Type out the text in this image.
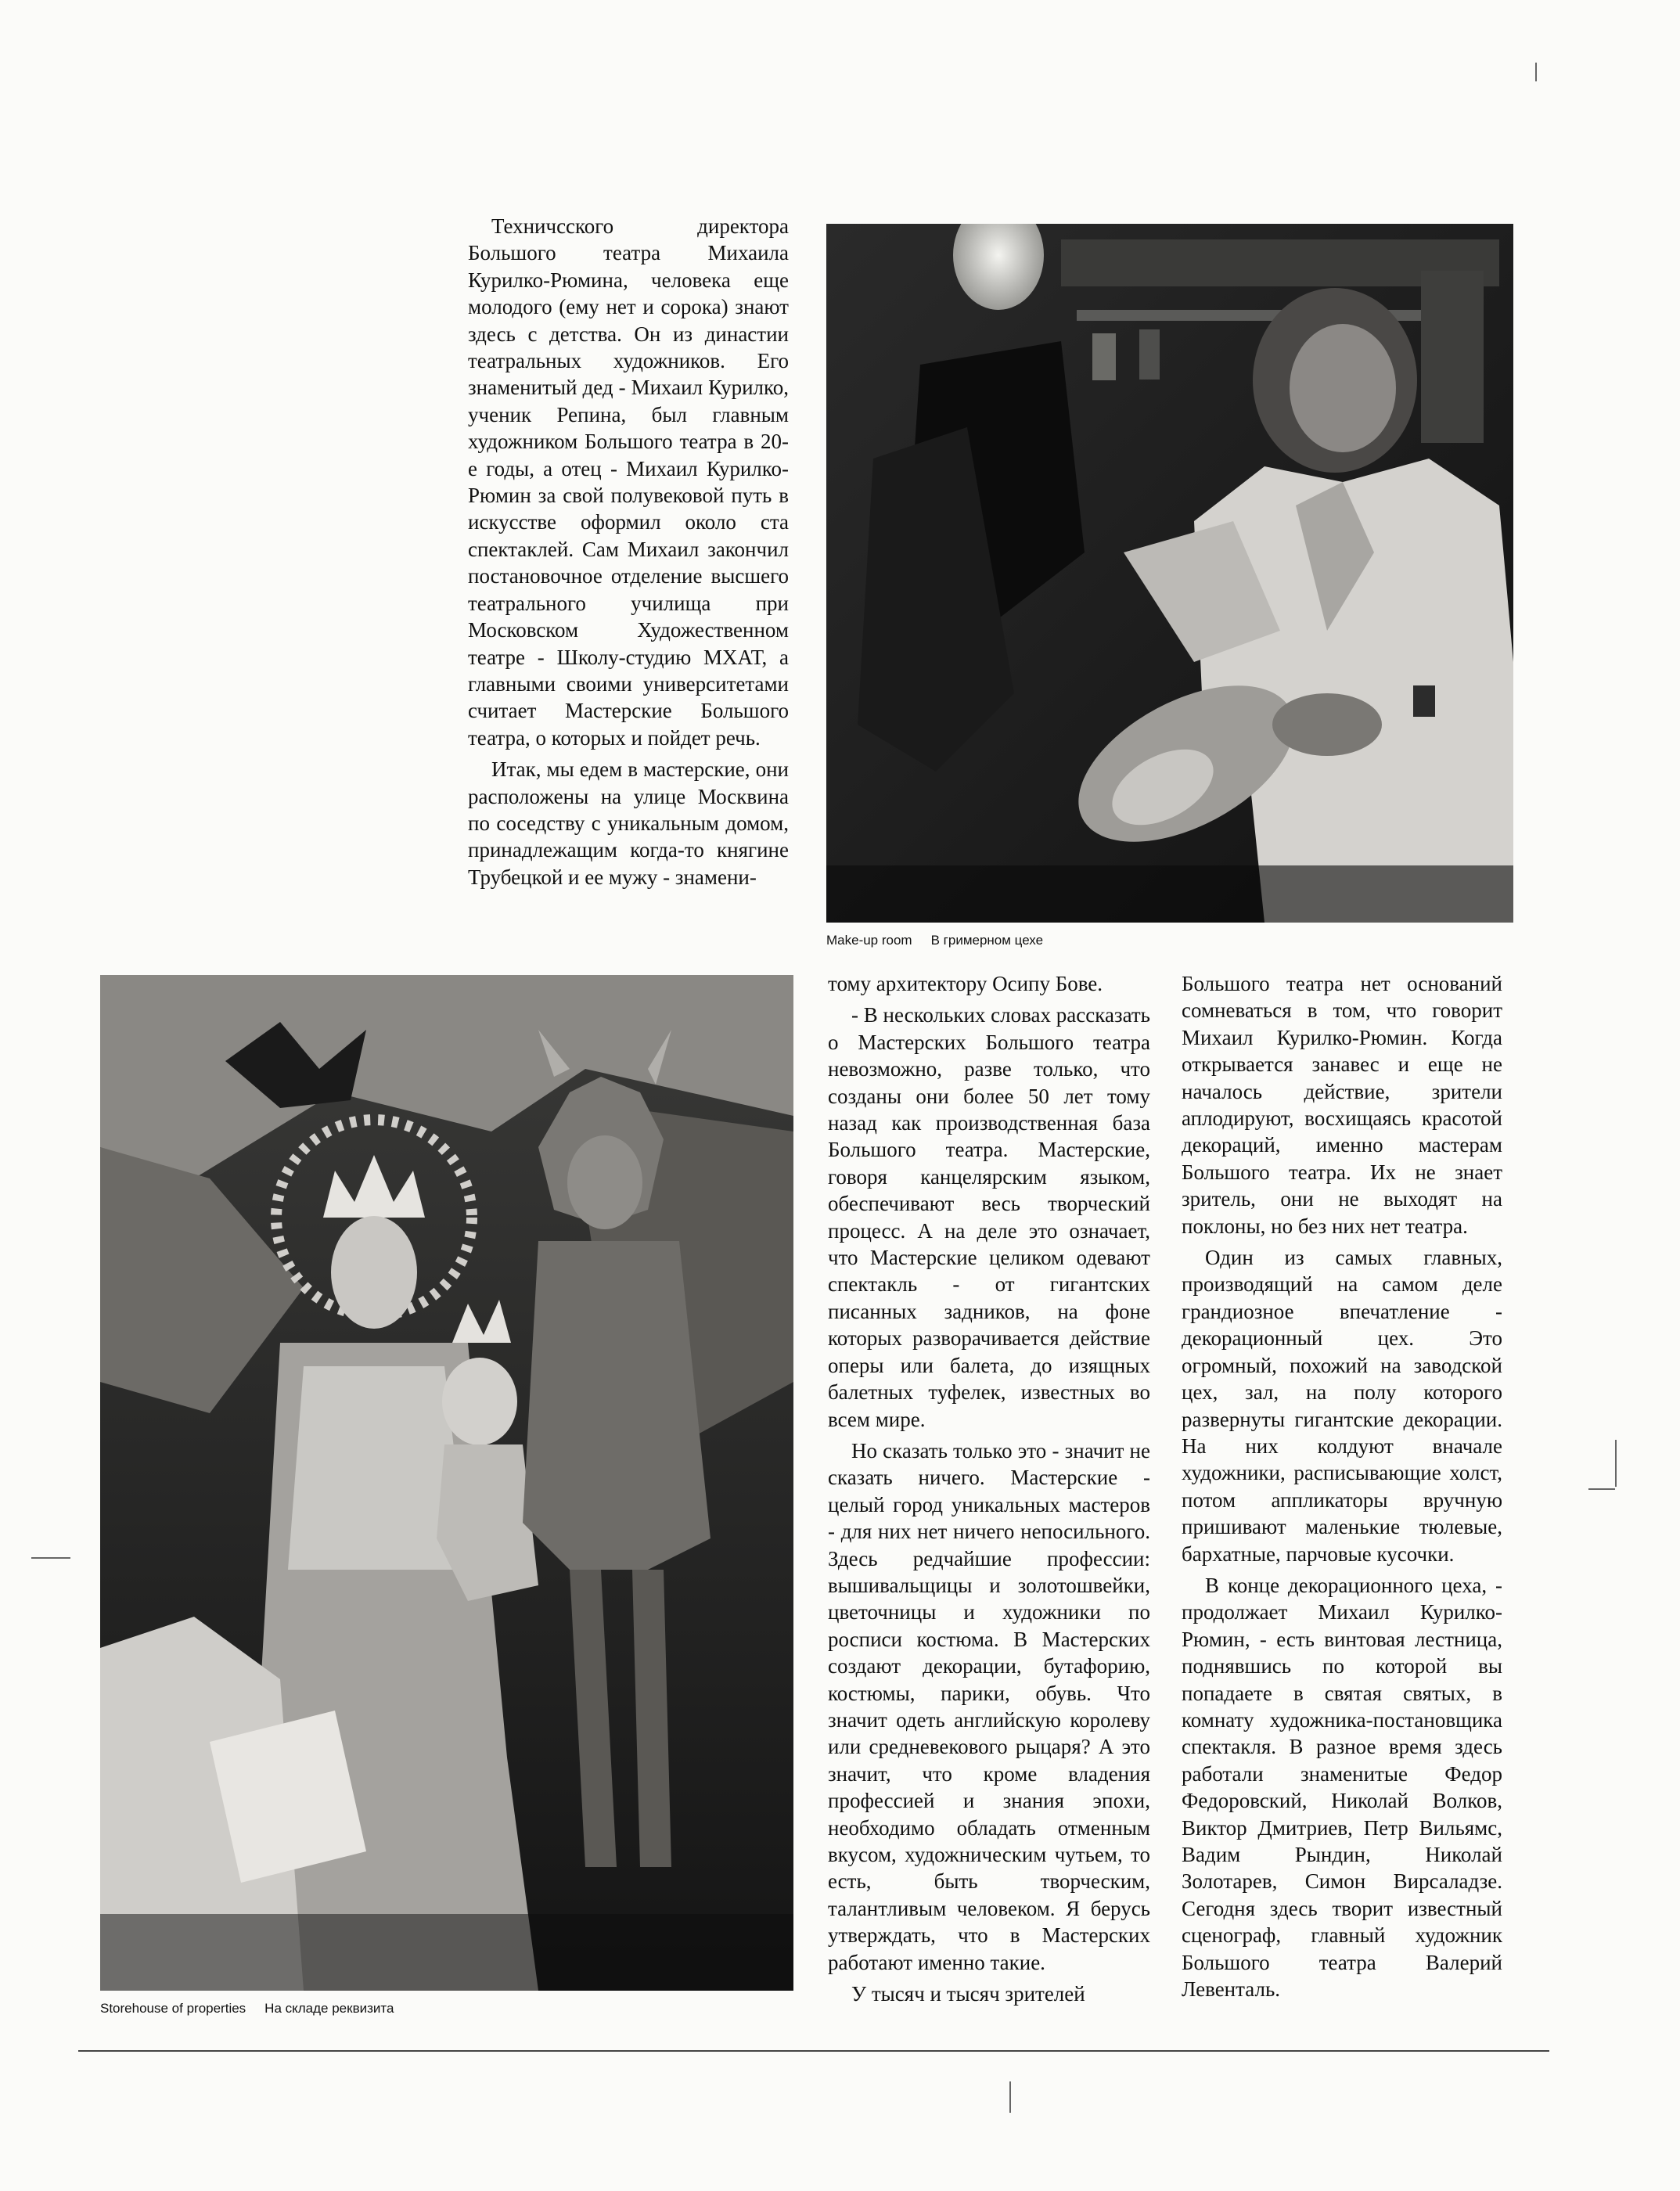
Техничсского директора Большого театра Михаила Курилко-Рюмина, человека еще молодого (ему нет и сорока) знают здесь с детства. Он из династии театральных художников. Его знаменитый дед - Михаил Курилко, ученик Репина, был главным художником Большого театра в 20-е годы, а отец - Михаил Курилко-Рюмин за свой полувековой путь в искусстве оформил около ста спектаклей. Сам Михаил закончил постановочное отделение высшего театрального училища при Московском Художественном театре - Школу-студию МХАТ, а главными своими университетами считает Мастерские Большого театра, о которых и пойдет речь.

Итак, мы едем в мастерские, они расположены на улице Москвина по соседству с уникальным домом, принадлежащим когда-то княгине Трубецкой и ее мужу - знамени-

Make-up room В гримерном цехе
Storehouse of properties На складе реквизита

тому архитектору Осипу Бове.

- В нескольких словах рассказать о Мастерских Большого театра невозможно, разве только, что созданы они более 50 лет тому назад как производственная база Большого театра. Мастерские, говоря канцелярским языком, обеспечивают весь творческий процесс. А на деле это означает, что Мастерские целиком одевают спектакль - от гигантских писанных задников, на фоне которых разворачивается действие оперы или балета, до изящных балетных туфелек, известных во всем мире.

Но сказать только это - значит не сказать ничего. Мастерские - целый город уникальных мастеров - для них нет ничего непосильного. Здесь редчайшие профессии: вышивальщицы и золотошвейки, цветочницы и художники по росписи костюма. В Мастерских создают декорации, бутафорию, костюмы, парики, обувь. Что значит одеть английскую королеву или средневекового рыцаря? А это значит, что кроме владения профессией и знания эпохи, необходимо обладать отменным вкусом, художническим чутьем, то есть, быть творческим, талантливым человеком. Я берусь утверждать, что в Мастерских работают именно такие.

У тысяч и тысяч зрителей

Большого театра нет оснований сомневаться в том, что говорит Михаил Курилко-Рюмин. Когда открывается занавес и еще не началось действие, зрители аплодируют, восхищаясь красотой декораций, именно мастерам Большого театра. Их не знает зритель, они не выходят на поклоны, но без них нет театра.

Один из самых главных, производящий на самом деле грандиозное впечатление - декорационный цех. Это огромный, похожий на заводской цех, зал, на полу которого развернуты гигантские декорации. На них колдуют вначале художники, расписывающие холст, потом аппликаторы вручную пришивают маленькие тюлевые, бархатные, парчовые кусочки.

В конце декорационного цеха, - продолжает Михаил Курилко-Рюмин, - есть винтовая лестница, поднявшись по которой вы попадаете в святая святых, в комнату художника-постановщика спектакля. В разное время здесь работали знаменитые Федор Федоровский, Николай Волков, Виктор Дмитриев, Петр Вильямс, Вадим Рындин, Николай Золотарев, Симон Вирсаладзе. Сегодня здесь творит известный сценограф, главный художник Большого театра Валерий Левенталь.
